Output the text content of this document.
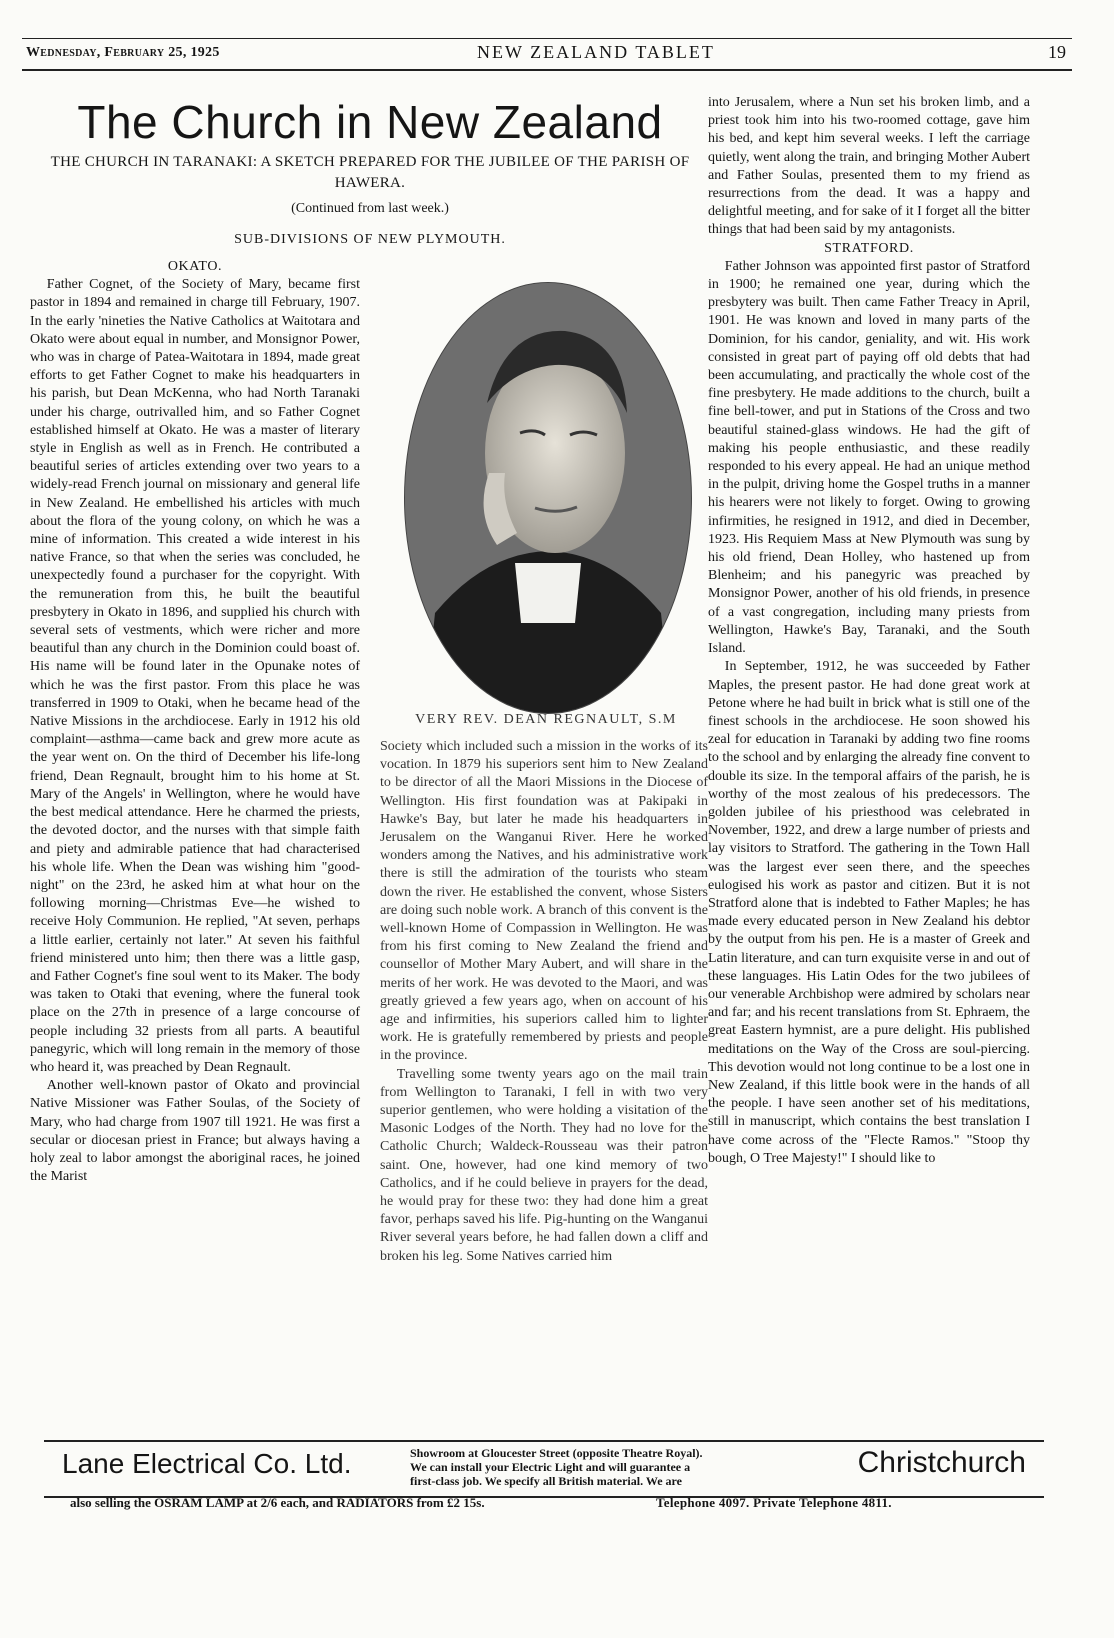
Wednesday, February 25, 1925	NEW ZEALAND TABLET	19
The Church in New Zealand
THE CHURCH IN TARANAKI: A SKETCH PREPARED FOR THE JUBILEE OF THE PARISH OF HAWERA.
(Continued from last week.)
SUB-DIVISIONS OF NEW PLYMOUTH.
OKATO.

Father Cognet, of the Society of Mary, became first pastor in 1894 and remained in charge till February, 1907. In the early 'nineties the Native Catholics at Waitotara and Okato were about equal in number, and Monsignor Power, who was in charge of Patea-Waitotara in 1894, made great efforts to get Father Cognet to make his headquarters in his parish, but Dean McKenna, who had North Taranaki under his charge, outrivalled him, and so Father Cognet established himself at Okato. He was a master of literary style in English as well as in French. He contributed a beautiful series of articles extending over two years to a widely-read French journal on missionary and general life in New Zealand. He embellished his articles with much about the flora of the young colony, on which he was a mine of information. This created a wide interest in his native France, so that when the series was concluded, he unexpectedly found a purchaser for the copyright. With the remuneration from this, he built the beautiful presbytery in Okato in 1896, and supplied his church with several sets of vestments, which were richer and more beautiful than any church in the Dominion could boast of. His name will be found later in the Opunake notes of which he was the first pastor. From this place he was transferred in 1909 to Otaki, when he became head of the Native Missions in the archdiocese. Early in 1912 his old complaint—asthma—came back and grew more acute as the year went on. On the third of December his life-long friend, Dean Regnault, brought him to his home at St. Mary of the Angels' in Wellington, where he would have the best medical attendance. Here he charmed the priests, the devoted doctor, and the nurses with that simple faith and piety and admirable patience that had characterised his whole life. When the Dean was wishing him "good-night" on the 23rd, he asked him at what hour on the following morning—Christmas Eve—he wished to receive Holy Communion. He replied, "At seven, perhaps a little earlier, certainly not later." At seven his faithful friend ministered unto him; then there was a little gasp, and Father Cognet's fine soul went to its Maker. The body was taken to Otaki that evening, where the funeral took place on the 27th in presence of a large concourse of people including 32 priests from all parts. A beautiful panegyric, which will long remain in the memory of those who heard it, was preached by Dean Regnault.

Another well-known pastor of Okato and provincial Native Missioner was Father Soulas, of the Society of Mary, who had charge from 1907 till 1921. He was first a secular or diocesan priest in France; but always having a holy zeal to labor amongst the aboriginal races, he joined the Marist

VERY REV. DEAN REGNAULT, S.M

Society which included such a mission in the works of its vocation. In 1879 his superiors sent him to New Zealand to be director of all the Maori Missions in the Diocese of Wellington. His first foundation was at Pakipaki in Hawke's Bay, but later he made his headquarters in Jerusalem on the Wanganui River. Here he worked wonders among the Natives, and his administrative work there is still the admiration of the tourists who steam down the river. He established the convent, whose Sisters are doing such noble work. A branch of this convent is the well-known Home of Compassion in Wellington. He was from his first coming to New Zealand the friend and counsellor of Mother Mary Aubert, and will share in the merits of her work. He was devoted to the Maori, and was greatly grieved a few years ago, when on account of his age and infirmities, his superiors called him to lighter work. He is gratefully remembered by priests and people in the province.

Travelling some twenty years ago on the mail train from Wellington to Taranaki, I fell in with two very superior gentlemen, who were holding a visitation of the Masonic Lodges of the North. They had no love for the Catholic Church; Waldeck-Rousseau was their patron saint. One, however, had one kind memory of two Catholics, and if he could believe in prayers for the dead, he would pray for these two: they had done him a great favor, perhaps saved his life. Pig-hunting on the Wanganui River several years before, he had fallen down a cliff and broken his leg. Some Natives carried him

into Jerusalem, where a Nun set his broken limb, and a priest took him into his two-roomed cottage, gave him his bed, and kept him several weeks. I left the carriage quietly, went along the train, and bringing Mother Aubert and Father Soulas, presented them to my friend as resurrections from the dead. It was a happy and delightful meeting, and for sake of it I forget all the bitter things that had been said by my antagonists.

STRATFORD.

Father Johnson was appointed first pastor of Stratford in 1900; he remained one year, during which the presbytery was built. Then came Father Treacy in April, 1901. He was known and loved in many parts of the Dominion, for his candor, geniality, and wit. His work consisted in great part of paying off old debts that had been accumulating, and practically the whole cost of the fine presbytery. He made additions to the church, built a fine bell-tower, and put in Stations of the Cross and two beautiful stained-glass windows. He had the gift of making his people enthusiastic, and these readily responded to his every appeal. He had an unique method in the pulpit, driving home the Gospel truths in a manner his hearers were not likely to forget. Owing to growing infirmities, he resigned in 1912, and died in December, 1923. His Requiem Mass at New Plymouth was sung by his old friend, Dean Holley, who hastened up from Blenheim; and his panegyric was preached by Monsignor Power, another of his old friends, in presence of a vast congregation, including many priests from Wellington, Hawke's Bay, Taranaki, and the South Island.

In September, 1912, he was succeeded by Father Maples, the present pastor. He had done great work at Petone where he had built in brick what is still one of the finest schools in the archdiocese. He soon showed his zeal for education in Taranaki by adding two fine rooms to the school and by enlarging the already fine convent to double its size. In the temporal affairs of the parish, he is worthy of the most zealous of his predecessors. The golden jubilee of his priesthood was celebrated in November, 1922, and drew a large number of priests and lay visitors to Stratford. The gathering in the Town Hall was the largest ever seen there, and the speeches eulogised his work as pastor and citizen. But it is not Stratford alone that is indebted to Father Maples; he has made every educated person in New Zealand his debtor by the output from his pen. He is a master of Greek and Latin literature, and can turn exquisite verse in and out of these languages. His Latin Odes for the two jubilees of our venerable Archbishop were admired by scholars near and far; and his recent translations from St. Ephraem, the great Eastern hymnist, are a pure delight. His published meditations on the Way of the Cross are soul-piercing. This devotion would not long continue to be a lost one in New Zealand, if this little book were in the hands of all the people. I have seen another set of his meditations, still in manuscript, which contains the best translation I have come across of the "Flecte Ramos." "Stoop thy bough, O Tree Majesty!" I should like to

Lane Electrical Co. Ltd.	Showroom at Gloucester Street (opposite Theatre Royal).
We can install your Electric Light and will guarantee a
first-class job. We specify all British material. We are
Christchurch
also selling the OSRAM LAMP at 2/6 each, and RADIATORS from £2 15s.	Telephone 4097. Private Telephone 4811.
